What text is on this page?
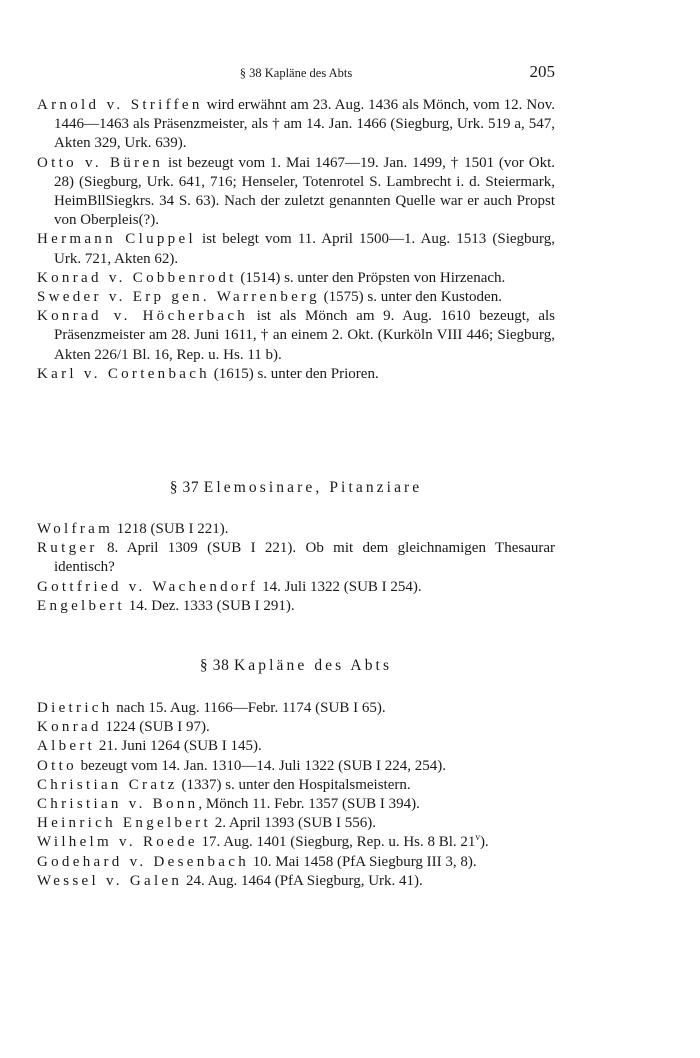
§ 38 Kapläne des Abts	205

Arnold v. Striffen wird erwähnt am 23. Aug. 1436 als Mönch, vom 12. Nov. 1446—1463 als Präsenzmeister, als † am 14. Jan. 1466 (Siegburg, Urk. 519 a, 547, Akten 329, Urk. 639).

Otto v. Büren ist bezeugt vom 1. Mai 1467—19. Jan. 1499, † 1501 (vor Okt. 28) (Siegburg, Urk. 641, 716; Henseler, Totenrotel S. Lambrecht i. d. Steiermark, HeimBllSiegkrs. 34 S. 63). Nach der zuletzt genannten Quelle war er auch Propst von Oberpleis(?).

Hermann Cluppel ist belegt vom 11. April 1500—1. Aug. 1513 (Siegburg, Urk. 721, Akten 62).

Konrad v. Cobbenrodt (1514) s. unter den Pröpsten von Hirzenach.

Sweder v. Erp gen. Warrenberg (1575) s. unter den Kustoden.

Konrad v. Höcherbach ist als Mönch am 9. Aug. 1610 bezeugt, als Präsenzmeister am 28. Juni 1611, † an einem 2. Okt. (Kurköln VIII 446; Siegburg, Akten 226/1 Bl. 16, Rep. u. Hs. 11 b).

Karl v. Cortenbach (1615) s. unter den Prioren.

§ 37 Elemosinare, Pitanziare

Wolfram 1218 (SUB I 221).

Rutger 8. April 1309 (SUB I 221). Ob mit dem gleichnamigen Thesaurar identisch?

Gottfried v. Wachendorf 14. Juli 1322 (SUB I 254).

Engelbert 14. Dez. 1333 (SUB I 291).

§ 38 Kapläne des Abts

Dietrich nach 15. Aug. 1166—Febr. 1174 (SUB I 65).

Konrad 1224 (SUB I 97).

Albert 21. Juni 1264 (SUB I 145).

Otto bezeugt vom 14. Jan. 1310—14. Juli 1322 (SUB I 224, 254).

Christian Cratz (1337) s. unter den Hospitalsmeistern.

Christian v. Bonn, Mönch 11. Febr. 1357 (SUB I 394).

Heinrich Engelbert 2. April 1393 (SUB I 556).

Wilhelm v. Roede 17. Aug. 1401 (Siegburg, Rep. u. Hs. 8 Bl. 21$^v$).

Godehard v. Desenbach 10. Mai 1458 (PfA Siegburg III 3, 8).

Wessel v. Galen 24. Aug. 1464 (PfA Siegburg, Urk. 41).
